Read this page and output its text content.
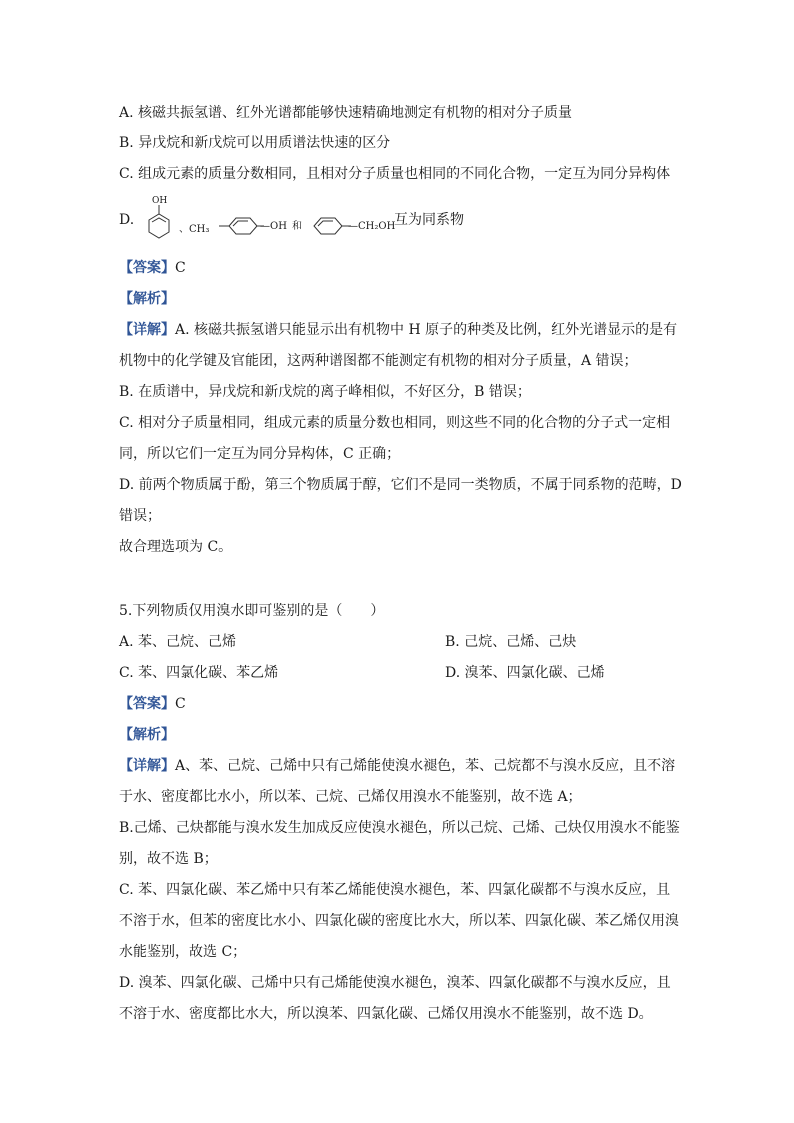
A. 核磁共振氢谱、红外光谱都能够快速精确地测定有机物的相对分子质量
B. 异戊烷和新戊烷可以用质谱法快速的区分
C. 组成元素的质量分数相同，且相对分子质量也相同的不同化合物，一定互为同分异构体
D.
OH
、CH₃	—OH 和	—CH₂OH
互为同系物
【答案】C
【解析】
【详解】A. 核磁共振氢谱只能显示出有机物中 H 原子的种类及比例，红外光谱显示的是有
机物中的化学键及官能团，这两种谱图都不能测定有机物的相对分子质量，A 错误；
B. 在质谱中，异戊烷和新戊烷的离子峰相似，不好区分，B 错误；
C. 相对分子质量相同，组成元素的质量分数也相同，则这些不同的化合物的分子式一定相
同，所以它们一定互为同分异构体，C 正确；
D. 前两个物质属于酚，第三个物质属于醇，它们不是同一类物质，不属于同系物的范畴，D
错误；
故合理选项为 C。
5.下列物质仅用溴水即可鉴别的是（　　）
A. 苯、己烷、己烯	B. 己烷、己烯、己炔
C. 苯、四氯化碳、苯乙烯	D. 溴苯、四氯化碳、己烯
【答案】C
【解析】
【详解】A、苯、己烷、己烯中只有己烯能使溴水褪色，苯、己烷都不与溴水反应，且不溶
于水、密度都比水小，所以苯、己烷、己烯仅用溴水不能鉴别，故不选 A；
B.己烯、己炔都能与溴水发生加成反应使溴水褪色，所以己烷、己烯、己炔仅用溴水不能鉴
别，故不选 B；
C. 苯、四氯化碳、苯乙烯中只有苯乙烯能使溴水褪色，苯、四氯化碳都不与溴水反应，且
不溶于水，但苯的密度比水小、四氯化碳的密度比水大，所以苯、四氯化碳、苯乙烯仅用溴
水能鉴别，故选 C；
D. 溴苯、四氯化碳、己烯中只有己烯能使溴水褪色，溴苯、四氯化碳都不与溴水反应，且
不溶于水、密度都比水大，所以溴苯、四氯化碳、己烯仅用溴水不能鉴别，故不选 D。
